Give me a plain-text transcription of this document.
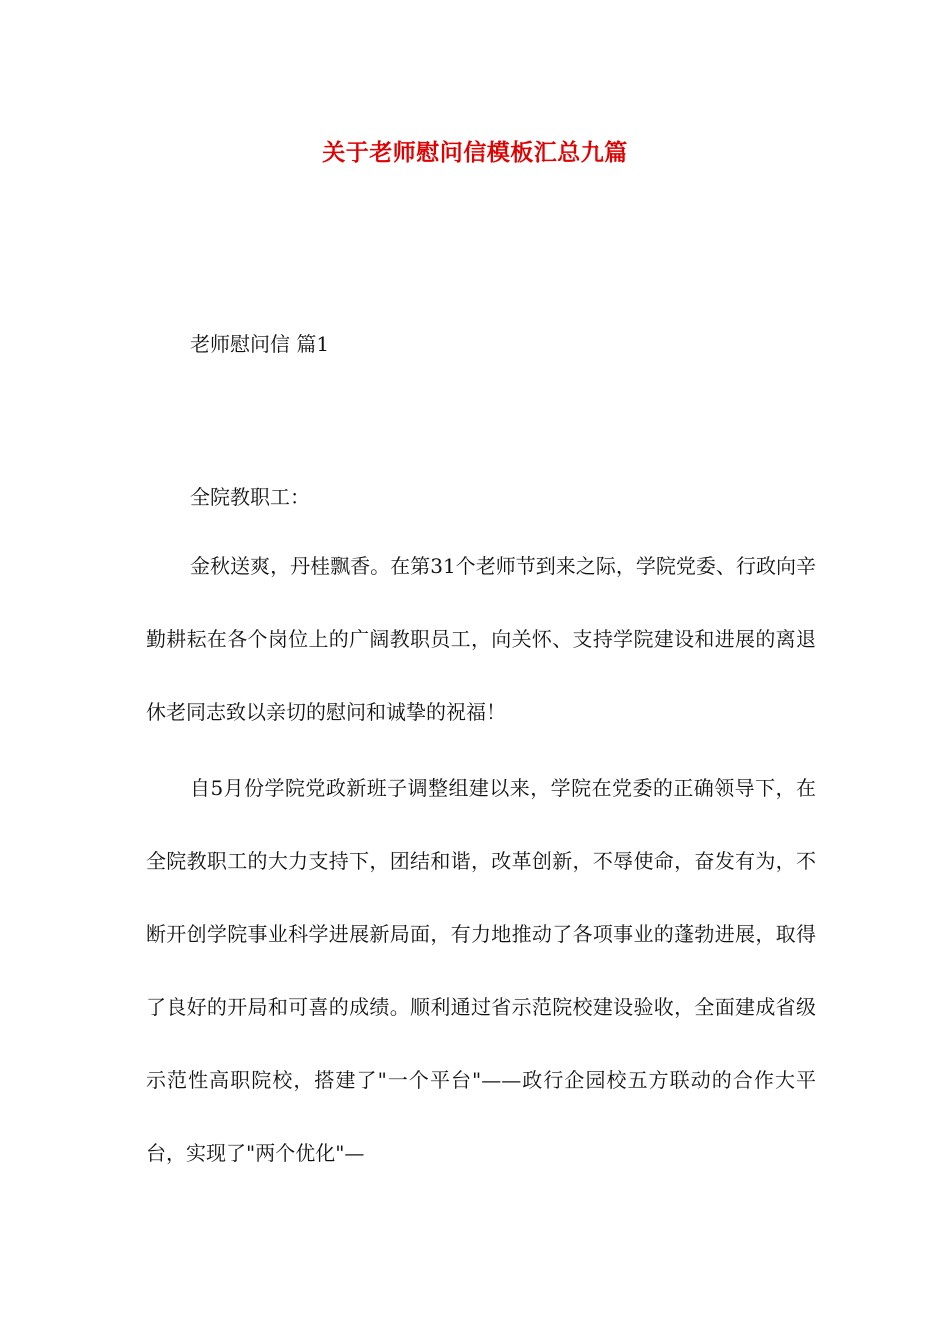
关于老师慰问信模板汇总九篇
老师慰问信 篇1
全院教职工：

金秋送爽，丹桂飘香。在第31个老师节到来之际，学院党委、行政向辛勤耕耘在各个岗位上的广阔教职员工，向关怀、支持学院建设和进展的离退休老同志致以亲切的慰问和诚挚的祝福！

自5月份学院党政新班子调整组建以来，学院在党委的正确领导下，在全院教职工的大力支持下，团结和谐，改革创新，不辱使命，奋发有为，不断开创学院事业科学进展新局面，有力地推动了各项事业的蓬勃进展，取得了良好的开局和可喜的成绩。顺利通过省示范院校建设验收，全面建成省级示范性高职院校，搭建了"一个平台"——政行企园校五方联动的合作大平台，实现了"两个优化"—
